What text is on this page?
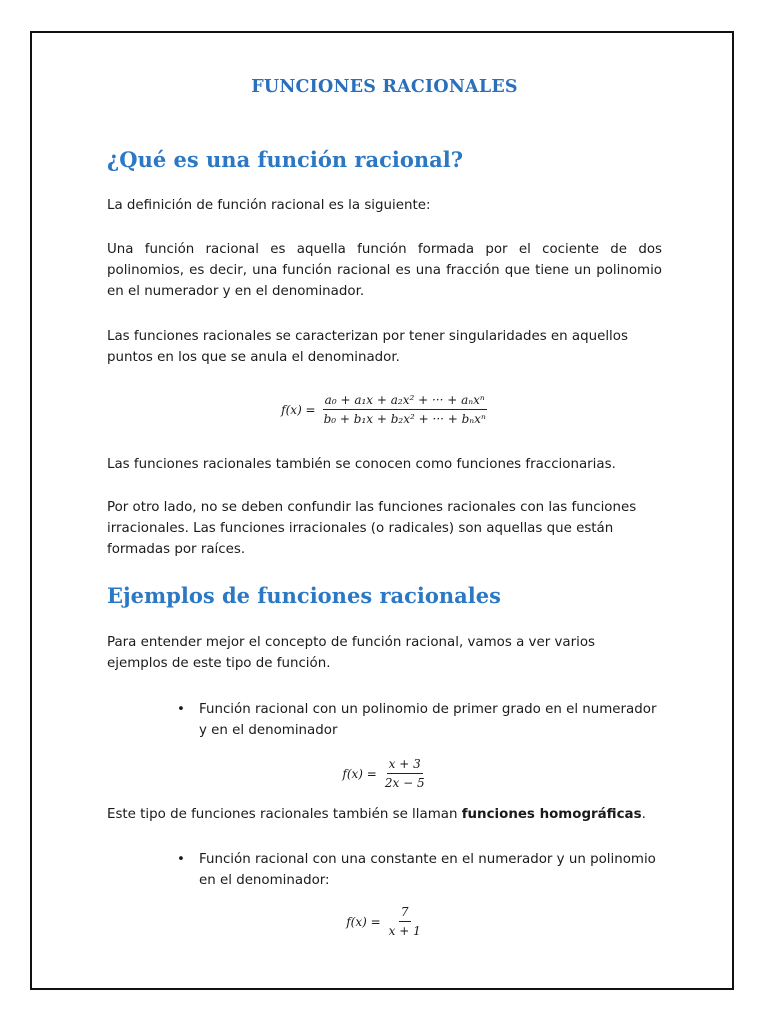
FUNCIONES RACIONALES
¿Qué es una función racional?

La definición de función racional es la siguiente:

Una función racional es aquella función formada por el cociente de dos polinomios, es decir, una función racional es una fracción que tiene un polinomio en el numerador y en el denominador.

Las funciones racionales se caracterizan por tener singularidades en aquellos puntos en los que se anula el denominador.

$f(x) = \frac{\text{a₀ + a₁x + a₂x² + ··· + aₙxⁿ}}{\text{b₀ + b₁x + b₂x² + ··· + bₙxⁿ}}$

Las funciones racionales también se conocen como funciones fraccionarias.

Por otro lado, no se deben confundir las funciones racionales con las funciones irracionales. Las funciones irracionales (o radicales) son aquellas que están formadas por raíces.

Ejemplos de funciones racionales

Para entender mejor el concepto de función racional, vamos a ver varios ejemplos de este tipo de función.

• Función racional con un polinomio de primer grado en el numerador y en el denominador
$f(x) = \frac{x + 3}{2x - 5}$

Este tipo de funciones racionales también se llaman funciones homográficas.

• Función racional con una constante en el numerador y un polinomio en el denominador:
$f(x) = \frac{7}{x + 1}$
